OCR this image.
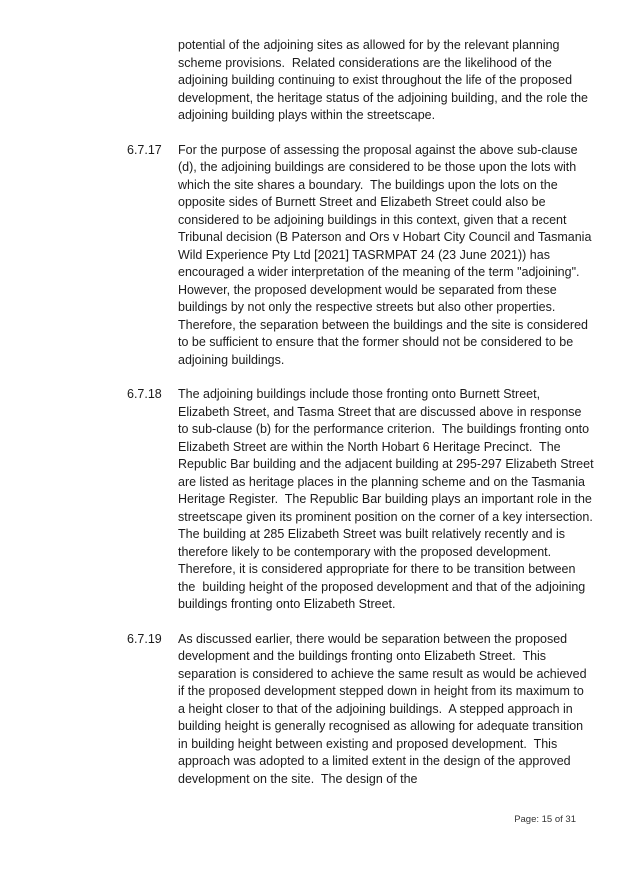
potential of the adjoining sites as allowed for by the relevant planning scheme provisions.  Related considerations are the likelihood of the adjoining building continuing to exist throughout the life of the proposed development, the heritage status of the adjoining building, and the role the adjoining building plays within the streetscape.
6.7.17	For the purpose of assessing the proposal against the above sub-clause (d), the adjoining buildings are considered to be those upon the lots with which the site shares a boundary.  The buildings upon the lots on the opposite sides of Burnett Street and Elizabeth Street could also be considered to be adjoining buildings in this context, given that a recent Tribunal decision (B Paterson and Ors v Hobart City Council and Tasmania Wild Experience Pty Ltd [2021] TASRMPAT 24 (23 June 2021)) has encouraged a wider interpretation of the meaning of the term "adjoining".  However, the proposed development would be separated from these buildings by not only the respective streets but also other properties.  Therefore, the separation between the buildings and the site is considered to be sufficient to ensure that the former should not be considered to be adjoining buildings.
6.7.18	The adjoining buildings include those fronting onto Burnett Street, Elizabeth Street, and Tasma Street that are discussed above in response to sub-clause (b) for the performance criterion.  The buildings fronting onto Elizabeth Street are within the North Hobart 6 Heritage Precinct.  The Republic Bar building and the adjacent building at 295-297 Elizabeth Street are listed as heritage places in the planning scheme and on the Tasmania Heritage Register.  The Republic Bar building plays an important role in the streetscape given its prominent position on the corner of a key intersection.  The building at 285 Elizabeth Street was built relatively recently and is therefore likely to be contemporary with the proposed development.  Therefore, it is considered appropriate for there to be transition between the  building height of the proposed development and that of the adjoining buildings fronting onto Elizabeth Street.
6.7.19	As discussed earlier, there would be separation between the proposed development and the buildings fronting onto Elizabeth Street.  This separation is considered to achieve the same result as would be achieved if the proposed development stepped down in height from its maximum to a height closer to that of the adjoining buildings.  A stepped approach in building height is generally recognised as allowing for adequate transition in building height between existing and proposed development.  This approach was adopted to a limited extent in the design of the approved development on the site.  The design of the
Page: 15 of 31
